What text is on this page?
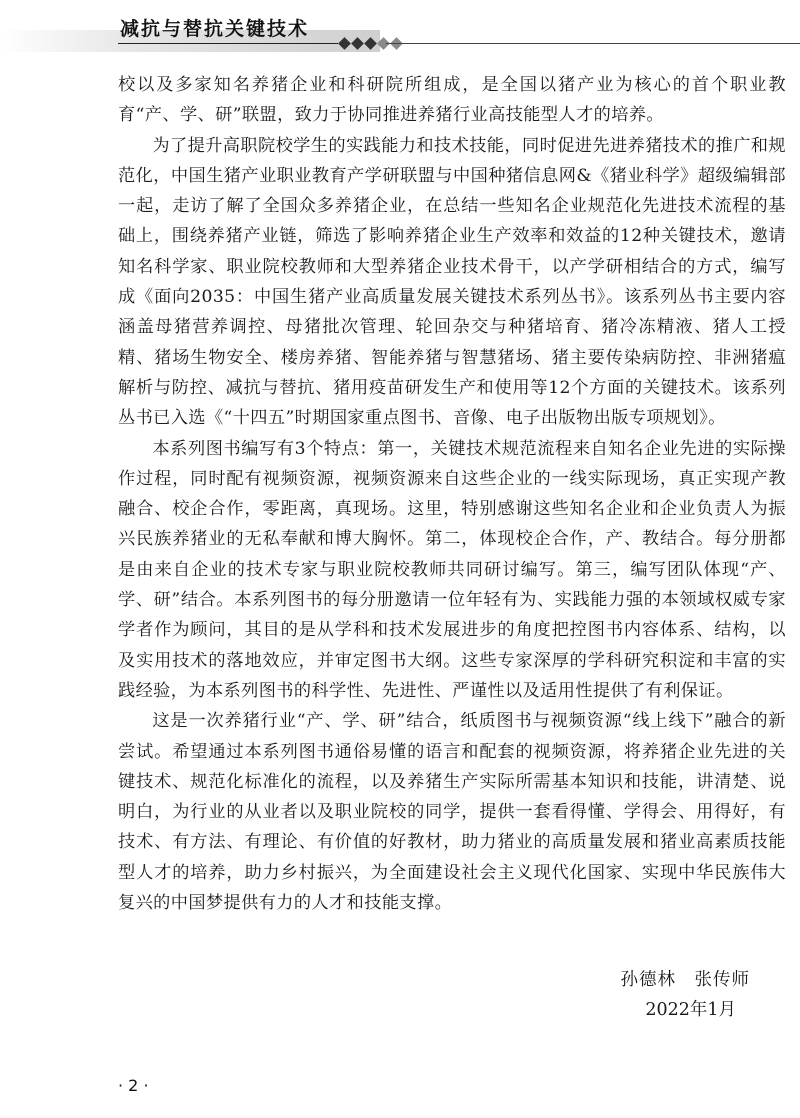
减抗与替抗关键技术

校以及多家知名养猪企业和科研院所组成，是全国以猪产业为核心的首个职业教育“产、学、研”联盟，致力于协同推进养猪行业高技能型人才的培养。

为了提升高职院校学生的实践能力和技术技能，同时促进先进养猪技术的推广和规范化，中国生猪产业职业教育产学研联盟与中国种猪信息网&《猪业科学》超级编辑部一起，走访了解了全国众多养猪企业，在总结一些知名企业规范化先进技术流程的基础上，围绕养猪产业链，筛选了影响养猪企业生产效率和效益的12种关键技术，邀请知名科学家、职业院校教师和大型养猪企业技术骨干，以产学研相结合的方式，编写成《面向2035：中国生猪产业高质量发展关键技术系列丛书》。该系列丛书主要内容涵盖母猪营养调控、母猪批次管理、轮回杂交与种猪培育、猪冷冻精液、猪人工授精、猪场生物安全、楼房养猪、智能养猪与智慧猪场、猪主要传染病防控、非洲猪瘟解析与防控、减抗与替抗、猪用疫苗研发生产和使用等12个方面的关键技术。该系列丛书已入选《“十四五”时期国家重点图书、音像、电子出版物出版专项规划》。

本系列图书编写有3个特点：第一，关键技术规范流程来自知名企业先进的实际操作过程，同时配有视频资源，视频资源来自这些企业的一线实际现场，真正实现产教融合、校企合作，零距离，真现场。这里，特别感谢这些知名企业和企业负责人为振兴民族养猪业的无私奉献和博大胸怀。第二，体现校企合作，产、教结合。每分册都是由来自企业的技术专家与职业院校教师共同研讨编写。第三，编写团队体现“产、学、研”结合。本系列图书的每分册邀请一位年轻有为、实践能力强的本领域权威专家学者作为顾问，其目的是从学科和技术发展进步的角度把控图书内容体系、结构，以及实用技术的落地效应，并审定图书大纲。这些专家深厚的学科研究积淀和丰富的实践经验，为本系列图书的科学性、先进性、严谨性以及适用性提供了有利保证。

这是一次养猪行业“产、学、研”结合，纸质图书与视频资源“线上线下”融合的新尝试。希望通过本系列图书通俗易懂的语言和配套的视频资源，将养猪企业先进的关键技术、规范化标准化的流程，以及养猪生产实际所需基本知识和技能，讲清楚、说明白，为行业的从业者以及职业院校的同学，提供一套看得懂、学得会、用得好，有技术、有方法、有理论、有价值的好教材，助力猪业的高质量发展和猪业高素质技能型人才的培养，助力乡村振兴，为全面建设社会主义现代化国家、实现中华民族伟大复兴的中国梦提供有力的人才和技能支撑。

孙德林　张传师
2022年1月
· 2 ·
